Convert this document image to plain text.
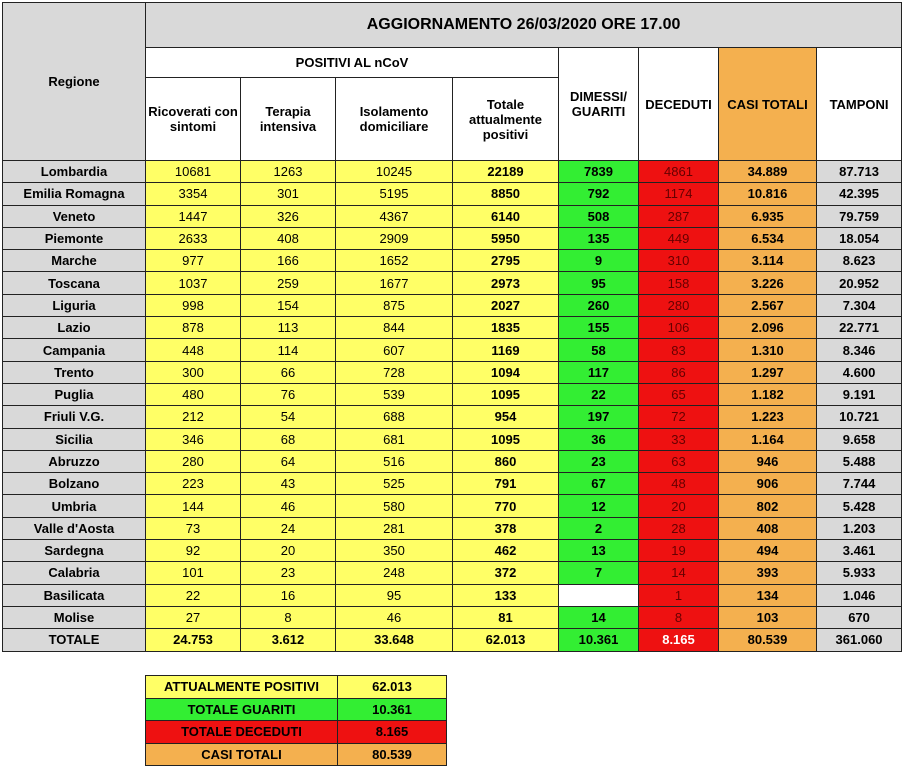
Regione	AGGIORNAMENTO 26/03/2020 ORE 17.00							
	POSITIVI AL nCoV				DIMESSI/ GUARITI	DECEDUTI	CASI TOTALI	TAMPONI
	Ricoverati con sintomi	Terapia intensiva	Isolamento domiciliare	Totale attualmente positivi				
Lombardia	10681	1263	10245	22189	7839	4861	34.889	87.713
Emilia Romagna	3354	301	5195	8850	792	1174	10.816	42.395
Veneto	1447	326	4367	6140	508	287	6.935	79.759
Piemonte	2633	408	2909	5950	135	449	6.534	18.054
Marche	977	166	1652	2795	9	310	3.114	8.623
Toscana	1037	259	1677	2973	95	158	3.226	20.952
Liguria	998	154	875	2027	260	280	2.567	7.304
Lazio	878	113	844	1835	155	106	2.096	22.771
Campania	448	114	607	1169	58	83	1.310	8.346
Trento	300	66	728	1094	117	86	1.297	4.600
Puglia	480	76	539	1095	22	65	1.182	9.191
Friuli V.G.	212	54	688	954	197	72	1.223	10.721
Sicilia	346	68	681	1095	36	33	1.164	9.658
Abruzzo	280	64	516	860	23	63	946	5.488
Bolzano	223	43	525	791	67	48	906	7.744
Umbria	144	46	580	770	12	20	802	5.428
Valle d'Aosta	73	24	281	378	2	28	408	1.203
Sardegna	92	20	350	462	13	19	494	3.461
Calabria	101	23	248	372	7	14	393	5.933
Basilicata	22	16	95	133		1	134	1.046
Molise	27	8	46	81	14	8	103	670
TOTALE	24.753	3.612	33.648	62.013	10.361	8.165	80.539	361.060
ATTUALMENTE POSITIVI	62.013
TOTALE GUARITI	10.361
TOTALE DECEDUTI	8.165
CASI TOTALI	80.539
